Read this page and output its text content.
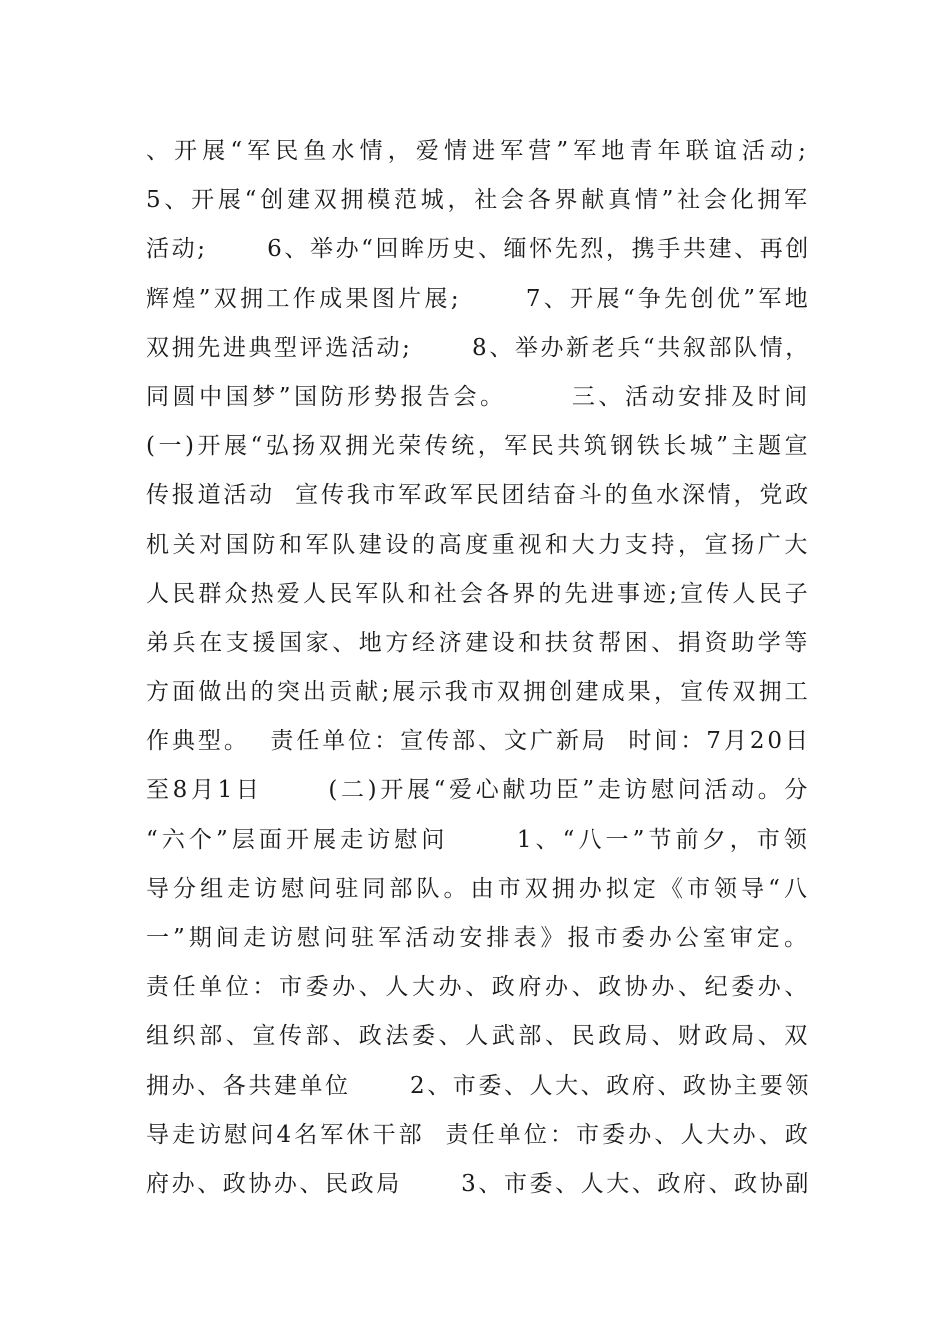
、开展“军民鱼水情，爱情进军营”军地青年联谊活动;
5、开展“创建双拥模范城，社会各界献真情”社会化拥军
活动;      6、举办“回眸历史、缅怀先烈，携手共建、再创
辉煌”双拥工作成果图片展;      7、开展“争先创优”军地
双拥先进典型评选活动;      8、举办新老兵“共叙部队情，
同圆中国梦”国防形势报告会。      三、活动安排及时间
(一)开展“弘扬双拥光荣传统，军民共筑钢铁长城”主题宣
传报道活动  宣传我市军政军民团结奋斗的鱼水深情，党政
机关对国防和军队建设的高度重视和大力支持，宣扬广大
人民群众热爱人民军队和社会各界的先进事迹;宣传人民子
弟兵在支援国家、地方经济建设和扶贫帮困、捐资助学等
方面做出的突出贡献;展示我市双拥创建成果，宣传双拥工
作典型。  责任单位：宣传部、文广新局  时间：7月20日
至8月1日      (二)开展“爱心献功臣”走访慰问活动。分
“六个”层面开展走访慰问      1、“八一”节前夕，市领
导分组走访慰问驻同部队。由市双拥办拟定《市领导“八
一”期间走访慰问驻军活动安排表》报市委办公室审定。
责任单位：市委办、人大办、政府办、政协办、纪委办、
组织部、宣传部、政法委、人武部、民政局、财政局、双
拥办、各共建单位      2、市委、人大、政府、政协主要领
导走访慰问4名军休干部  责任单位：市委办、人大办、政
府办、政协办、民政局      3、市委、人大、政府、政协副
